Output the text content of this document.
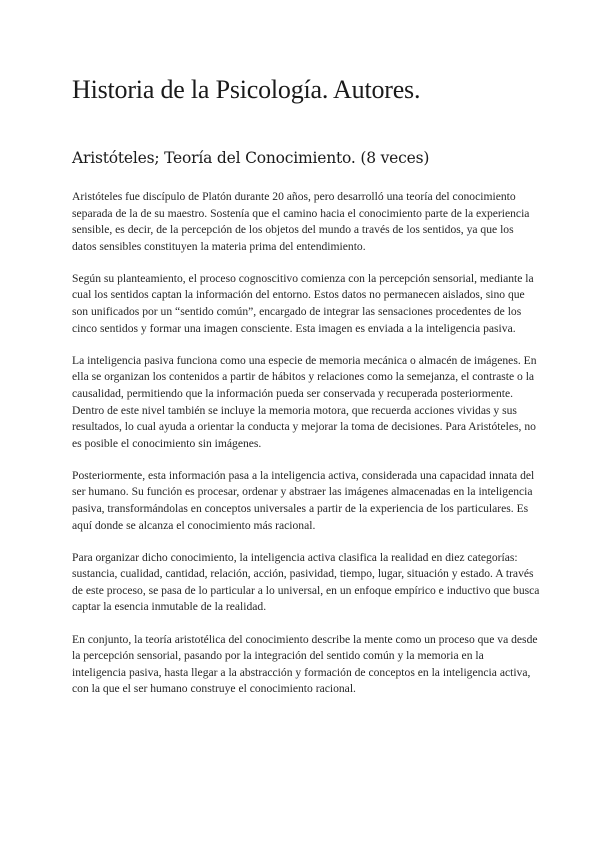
Historia de la Psicología. Autores.
Aristóteles; Teoría del Conocimiento. (8 veces)

Aristóteles fue discípulo de Platón durante 20 años, pero desarrolló una teoría del conocimiento separada de la de su maestro. Sostenía que el camino hacia el conocimiento parte de la experiencia sensible, es decir, de la percepción de los objetos del mundo a través de los sentidos, ya que los datos sensibles constituyen la materia prima del entendimiento.

Según su planteamiento, el proceso cognoscitivo comienza con la percepción sensorial, mediante la cual los sentidos captan la información del entorno. Estos datos no permanecen aislados, sino que son unificados por un “sentido común”, encargado de integrar las sensaciones procedentes de los cinco sentidos y formar una imagen consciente. Esta imagen es enviada a la inteligencia pasiva.

La inteligencia pasiva funciona como una especie de memoria mecánica o almacén de imágenes. En ella se organizan los contenidos a partir de hábitos y relaciones como la semejanza, el contraste o la causalidad, permitiendo que la información pueda ser conservada y recuperada posteriormente. Dentro de este nivel también se incluye la memoria motora, que recuerda acciones vividas y sus resultados, lo cual ayuda a orientar la conducta y mejorar la toma de decisiones. Para Aristóteles, no es posible el conocimiento sin imágenes.

Posteriormente, esta información pasa a la inteligencia activa, considerada una capacidad innata del ser humano. Su función es procesar, ordenar y abstraer las imágenes almacenadas en la inteligencia pasiva, transformándolas en conceptos universales a partir de la experiencia de los particulares. Es aquí donde se alcanza el conocimiento más racional.

Para organizar dicho conocimiento, la inteligencia activa clasifica la realidad en diez categorías: sustancia, cualidad, cantidad, relación, acción, pasividad, tiempo, lugar, situación y estado. A través de este proceso, se pasa de lo particular a lo universal, en un enfoque empírico e inductivo que busca captar la esencia inmutable de la realidad.

En conjunto, la teoría aristotélica del conocimiento describe la mente como un proceso que va desde la percepción sensorial, pasando por la integración del sentido común y la memoria en la inteligencia pasiva, hasta llegar a la abstracción y formación de conceptos en la inteligencia activa, con la que el ser humano construye el conocimiento racional.
